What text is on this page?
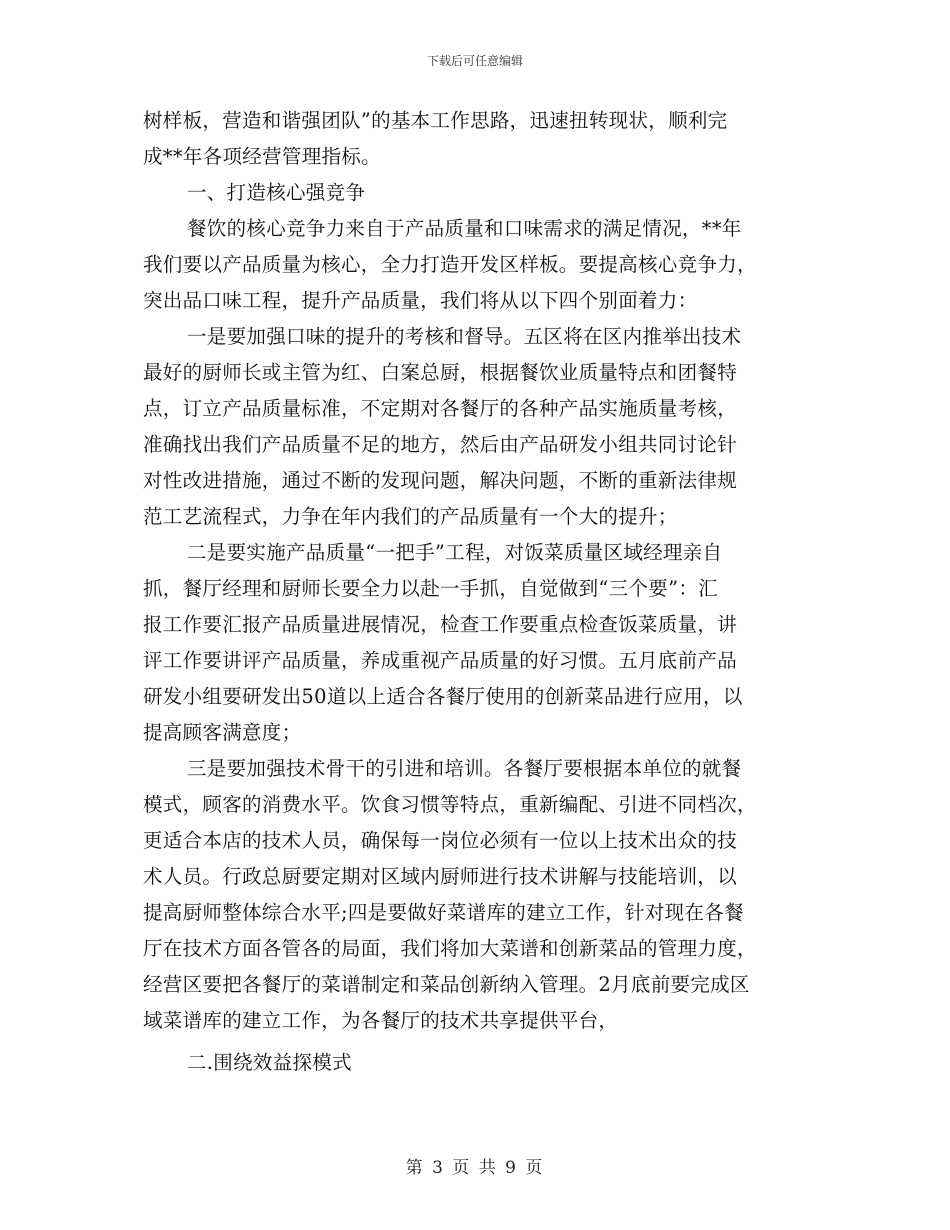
下载后可任意编辑
树样板，营造和谐强团队”的基本工作思路，迅速扭转现状，顺利完
成**年各项经营管理指标。
一、打造核心强竞争
餐饮的核心竞争力来自于产品质量和口味需求的满足情况，**年
我们要以产品质量为核心，全力打造开发区样板。要提高核心竞争力，
突出品口味工程，提升产品质量，我们将从以下四个别面着力：
一是要加强口味的提升的考核和督导。五区将在区内推举出技术
最好的厨师长或主管为红、白案总厨，根据餐饮业质量特点和团餐特
点，订立产品质量标准，不定期对各餐厅的各种产品实施质量考核，
准确找出我们产品质量不足的地方，然后由产品研发小组共同讨论针
对性改进措施，通过不断的发现问题，解决问题，不断的重新法律规
范工艺流程式，力争在年内我们的产品质量有一个大的提升；
二是要实施产品质量“一把手”工程，对饭菜质量区域经理亲自
抓，餐厅经理和厨师长要全力以赴一手抓，自觉做到“三个要”：汇
报工作要汇报产品质量进展情况，检查工作要重点检查饭菜质量，讲
评工作要讲评产品质量，养成重视产品质量的好习惯。五月底前产品
研发小组要研发出50道以上适合各餐厅使用的创新菜品进行应用，以
提高顾客满意度；
三是要加强技术骨干的引进和培训。各餐厅要根据本单位的就餐
模式，顾客的消费水平。饮食习惯等特点，重新编配、引进不同档次，
更适合本店的技术人员，确保每一岗位必须有一位以上技术出众的技
术人员。行政总厨要定期对区域内厨师进行技术讲解与技能培训，以
提高厨师整体综合水平;四是要做好菜谱库的建立工作，针对现在各餐
厅在技术方面各管各的局面，我们将加大菜谱和创新菜品的管理力度，
经营区要把各餐厅的菜谱制定和菜品创新纳入管理。2月底前要完成区
域菜谱库的建立工作，为各餐厅的技术共享提供平台，
二.围绕效益探模式
第 3 页 共 9 页
